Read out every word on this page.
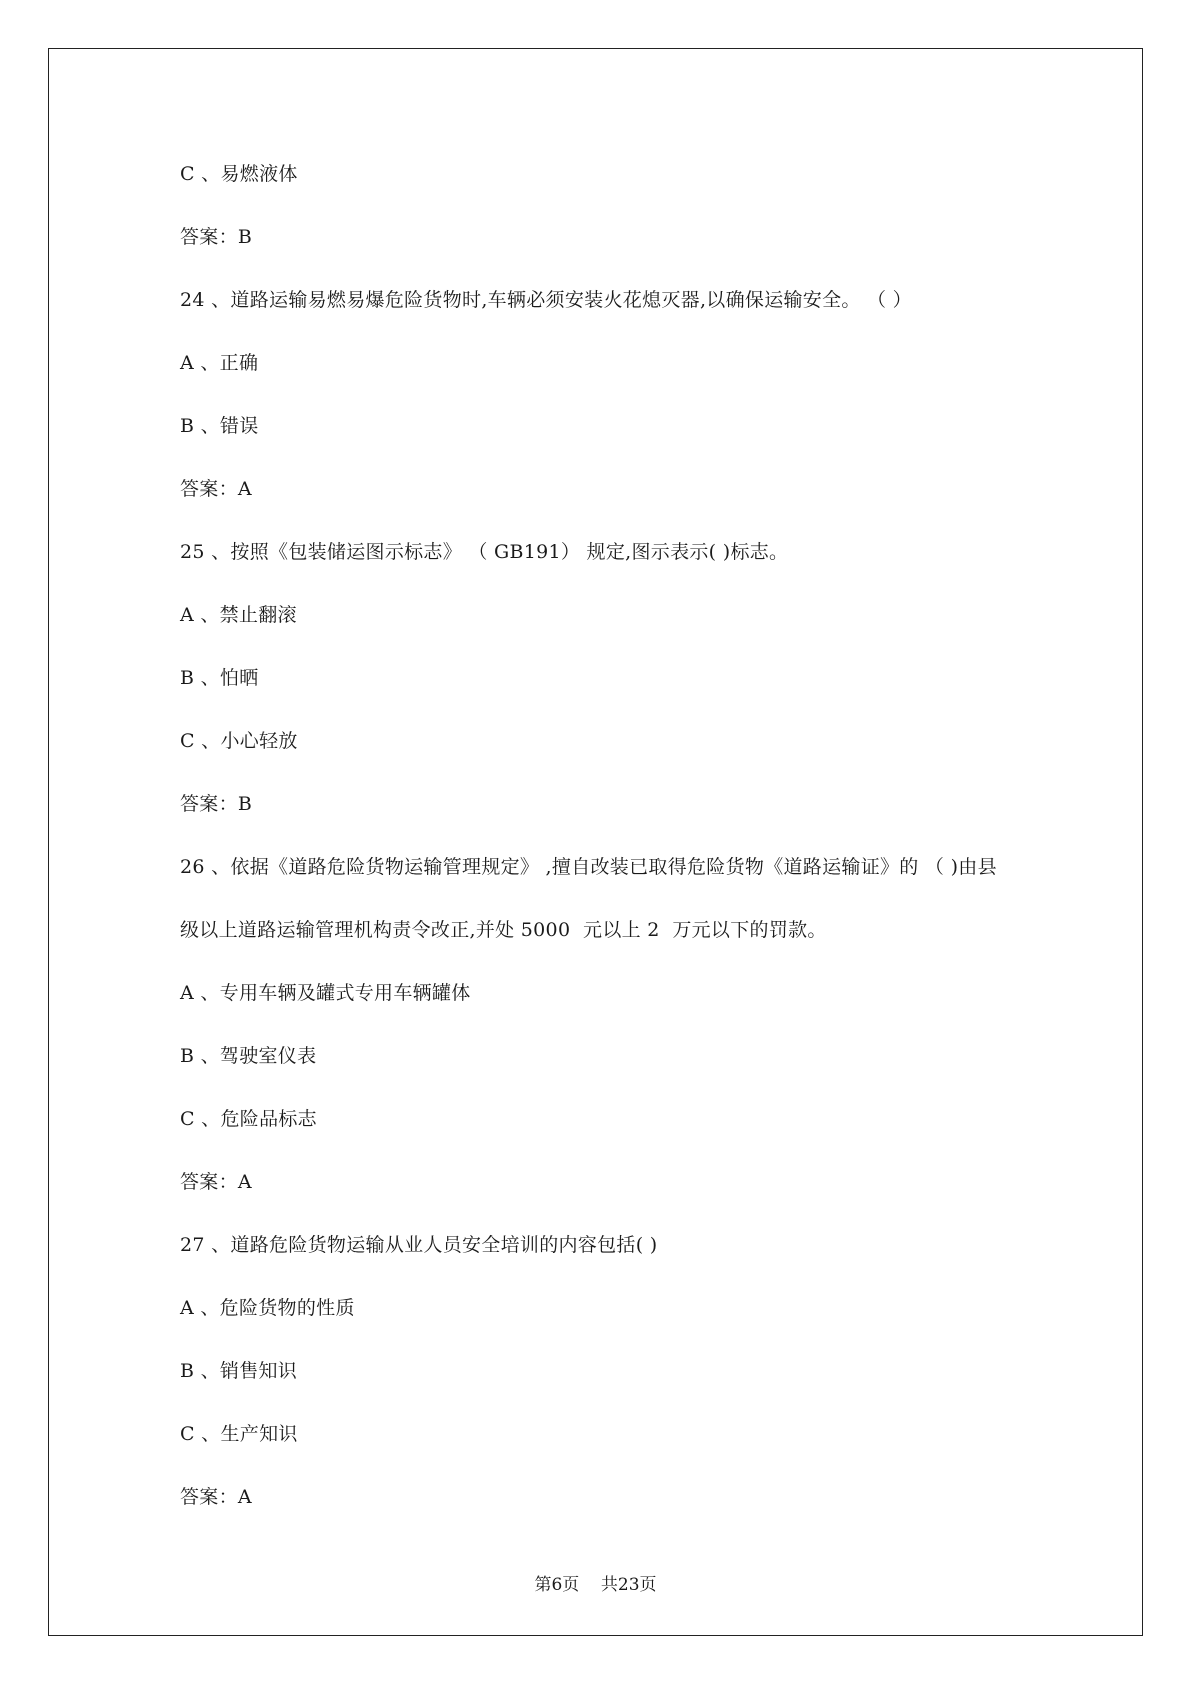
C 、易燃液体
答案：B
24 、道路运输易燃易爆危险货物时,车辆必须安装火花熄灭器,以确保运输安全。 （ ）
A 、正确
B 、错误
答案：A
25 、按照《包装储运图示标志》 （ GB191） 规定,图示表示( )标志。
A 、禁止翻滚
B 、怕晒
C 、小心轻放
答案：B
26 、依据《道路危险货物运输管理规定》 ,擅自改装已取得危险货物《道路运输证》的 （ )由县
级以上道路运输管理机构责令改正,并处 5000  元以上 2  万元以下的罚款。
A 、专用车辆及罐式专用车辆罐体
B 、驾驶室仪表
C 、危险品标志
答案：A
27 、道路危险货物运输从业人员安全培训的内容包括( )
A 、危险货物的性质
B 、销售知识
C 、生产知识
答案：A
第6页    共23页
